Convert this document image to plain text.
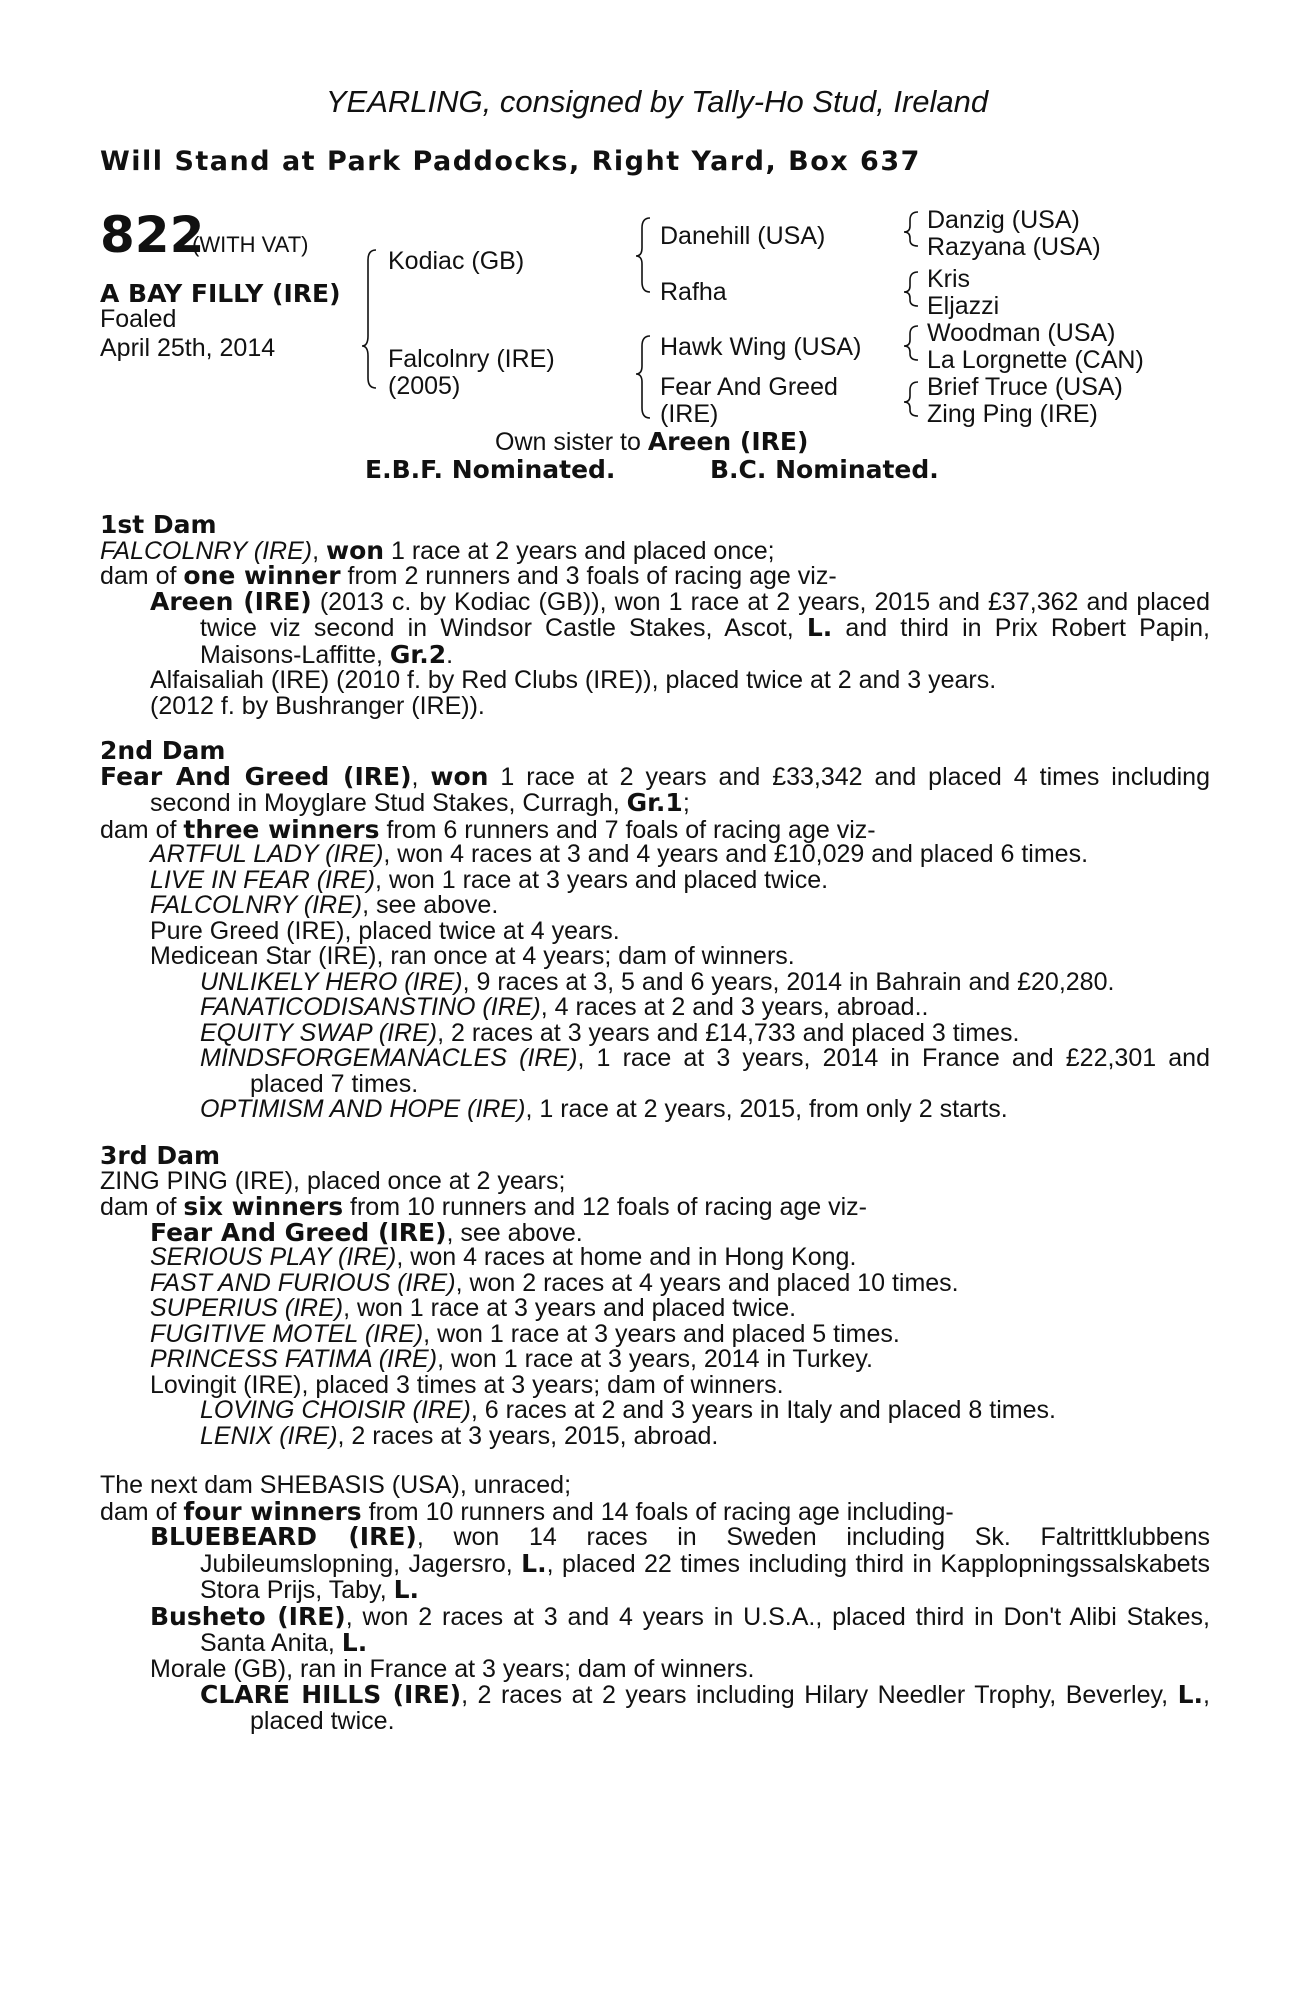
YEARLING, consigned by Tally-Ho Stud, Ireland
Will Stand at Park Paddocks, Right Yard, Box 637
822
(WITH VAT)
A BAY FILLY (IRE)
Foaled
April 25th, 2014
Kodiac (GB)
Falcolnry (IRE)
(2005)
Danehill (USA)
Rafha
Hawk Wing (USA)
Fear And Greed
(IRE)
Danzig (USA)
Razyana (USA)
Kris
Eljazzi
Woodman (USA)
La Lorgnette (CAN)
Brief Truce (USA)
Zing Ping (IRE)
Own sister to Areen (IRE)
E.B.F. Nominated.	B.C. Nominated.
1st Dam
FALCOLNRY (IRE), won 1 race at 2 years and placed once;
dam of one winner from 2 runners and 3 foals of racing age viz-
Areen (IRE) (2013 c. by Kodiac (GB)), won 1 race at 2 years, 2015 and £37,362 and placed twice viz second in Windsor Castle Stakes, Ascot, L. and third in Prix Robert Papin, Maisons-Laffitte, Gr.2.
Alfaisaliah (IRE) (2010 f. by Red Clubs (IRE)), placed twice at 2 and 3 years.
(2012 f. by Bushranger (IRE)).
2nd Dam
Fear And Greed (IRE), won 1 race at 2 years and £33,342 and placed 4 times including second in Moyglare Stud Stakes, Curragh, Gr.1;
dam of three winners from 6 runners and 7 foals of racing age viz-
ARTFUL LADY (IRE), won 4 races at 3 and 4 years and £10,029 and placed 6 times.
LIVE IN FEAR (IRE), won 1 race at 3 years and placed twice.
FALCOLNRY (IRE), see above.
Pure Greed (IRE), placed twice at 4 years.
Medicean Star (IRE), ran once at 4 years; dam of winners.
UNLIKELY HERO (IRE), 9 races at 3, 5 and 6 years, 2014 in Bahrain and £20,280.
FANATICODISANSTINO (IRE), 4 races at 2 and 3 years, abroad..
EQUITY SWAP (IRE), 2 races at 3 years and £14,733 and placed 3 times.
MINDSFORGEMANACLES (IRE), 1 race at 3 years, 2014 in France and £22,301 and placed 7 times.
OPTIMISM AND HOPE (IRE), 1 race at 2 years, 2015, from only 2 starts.
3rd Dam
ZING PING (IRE), placed once at 2 years;
dam of six winners from 10 runners and 12 foals of racing age viz-
Fear And Greed (IRE), see above.
SERIOUS PLAY (IRE), won 4 races at home and in Hong Kong.
FAST AND FURIOUS (IRE), won 2 races at 4 years and placed 10 times.
SUPERIUS (IRE), won 1 race at 3 years and placed twice.
FUGITIVE MOTEL (IRE), won 1 race at 3 years and placed 5 times.
PRINCESS FATIMA (IRE), won 1 race at 3 years, 2014 in Turkey.
Lovingit (IRE), placed 3 times at 3 years; dam of winners.
LOVING CHOISIR (IRE), 6 races at 2 and 3 years in Italy and placed 8 times.
LENIX (IRE), 2 races at 3 years, 2015, abroad.
The next dam SHEBASIS (USA), unraced;
dam of four winners from 10 runners and 14 foals of racing age including-
BLUEBEARD (IRE), won 14 races in Sweden including Sk. Faltrittklubbens Jubileumslopning, Jagersro, L., placed 22 times including third in Kapplopningssalskabets Stora Prijs, Taby, L.
Busheto (IRE), won 2 races at 3 and 4 years in U.S.A., placed third in Don't Alibi Stakes, Santa Anita, L.
Morale (GB), ran in France at 3 years; dam of winners.
CLARE HILLS (IRE), 2 races at 2 years including Hilary Needler Trophy, Beverley, L., placed twice.
